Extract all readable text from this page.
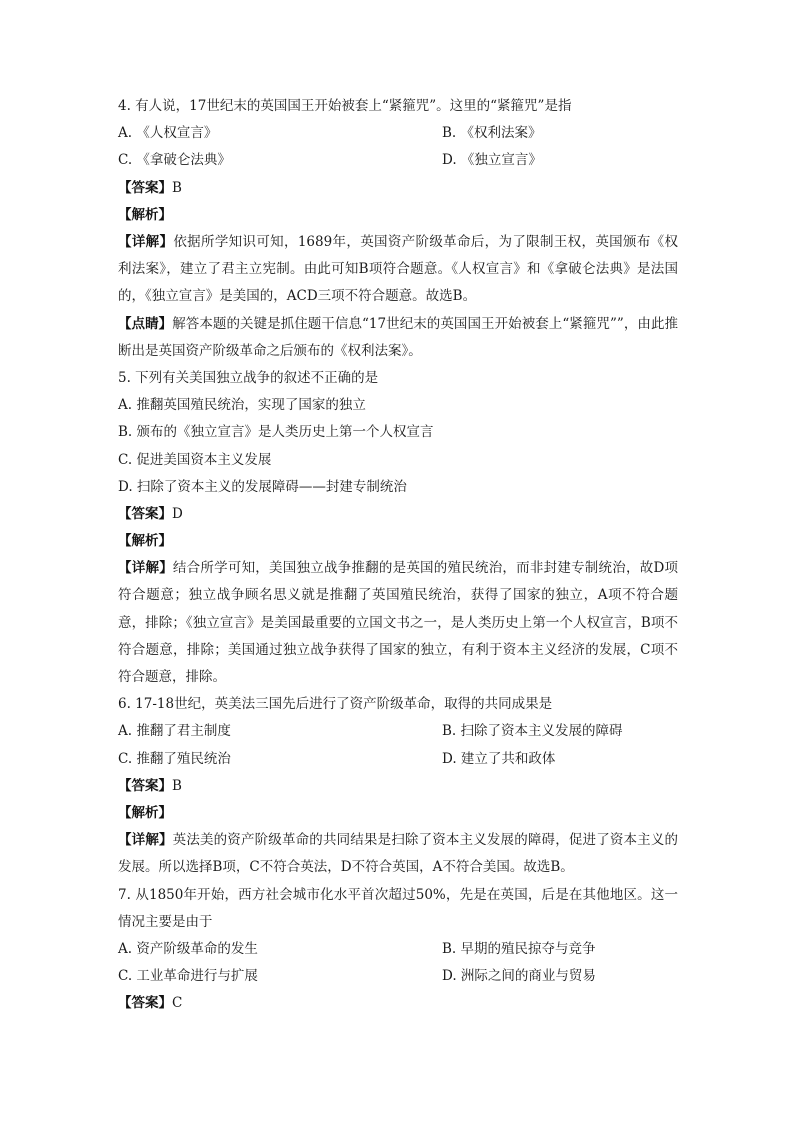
4. 有人说，17世纪末的英国国王开始被套上“紧箍咒”。这里的“紧箍咒”是指
A. 《人权宣言》	B. 《权利法案》
C. 《拿破仑法典》	D. 《独立宣言》
【答案】B
【解析】
【详解】依据所学知识可知，1689年，英国资产阶级革命后，为了限制王权，英国颁布《权利法案》，建立了君主立宪制。由此可知B项符合题意。《人权宣言》和《拿破仑法典》是法国的，《独立宣言》是美国的，ACD三项不符合题意。故选B。
【点睛】解答本题的关键是抓住题干信息“17世纪末的英国国王开始被套上“紧箍咒””，由此推断出是英国资产阶级革命之后颁布的《权利法案》。
5. 下列有关美国独立战争的叙述不正确的是
A. 推翻英国殖民统治，实现了国家的独立
B. 颁布的《独立宣言》是人类历史上第一个人权宣言
C. 促进美国资本主义发展
D. 扫除了资本主义的发展障碍——封建专制统治
【答案】D
【解析】
【详解】结合所学可知，美国独立战争推翻的是英国的殖民统治，而非封建专制统治，故D项符合题意；独立战争顾名思义就是推翻了英国殖民统治，获得了国家的独立，A项不符合题意，排除；《独立宣言》是美国最重要的立国文书之一，是人类历史上第一个人权宣言，B项不符合题意，排除；美国通过独立战争获得了国家的独立，有利于资本主义经济的发展，C项不符合题意，排除。
6. 17-18世纪，英美法三国先后进行了资产阶级革命，取得的共同成果是
A. 推翻了君主制度	B. 扫除了资本主义发展的障碍
C. 推翻了殖民统治	D. 建立了共和政体
【答案】B
【解析】
【详解】英法美的资产阶级革命的共同结果是扫除了资本主义发展的障碍，促进了资本主义的发展。所以选择B项，C不符合英法，D不符合英国，A不符合美国。故选B。
7. 从1850年开始，西方社会城市化水平首次超过50%，先是在英国，后是在其他地区。这一情况主要是由于
A. 资产阶级革命的发生	B. 早期的殖民掠夺与竞争
C. 工业革命进行与扩展	D. 洲际之间的商业与贸易
【答案】C
